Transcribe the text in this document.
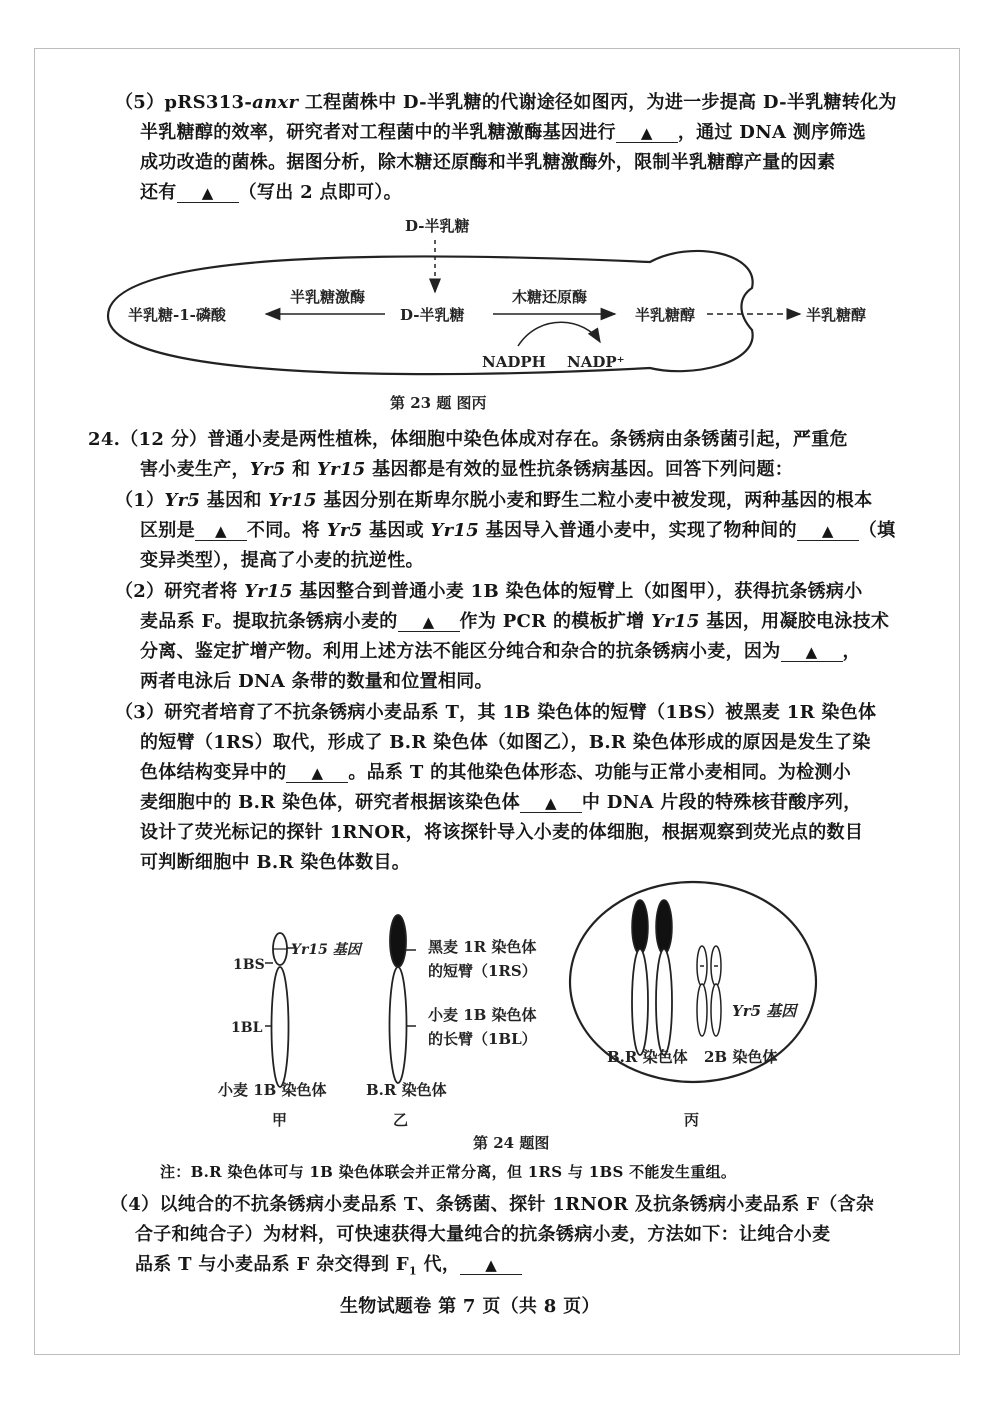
（5）pRS313-anxr 工程菌株中 D-半乳糖的代谢途径如图丙，为进一步提高 D-半乳糖转化为
半乳糖醇的效率，研究者对工程菌中的半乳糖激酶基因进行 ▲ ，通过 DNA 测序筛选
成功改造的菌株。据图分析，除木糖还原酶和半乳糖激酶外，限制半乳糖醇产量的因素
还有 ▲ （写出 2 点即可）。
D-半乳糖
半乳糖-1-磷酸
半乳糖激酶
D-半乳糖
木糖还原酶
NADPH NADP⁺
半乳糖醇	半乳糖醇
第 23 题 图丙
24.（12 分）普通小麦是两性植株，体细胞中染色体成对存在。条锈病由条锈菌引起，严重危
害小麦生产，Yr5 和 Yr15 基因都是有效的显性抗条锈病基因。回答下列问题：
（1）Yr5 基因和 Yr15 基因分别在斯卑尔脱小麦和野生二粒小麦中被发现，两种基因的根本
区别是 ▲ 不同。将 Yr5 基因或 Yr15 基因导入普通小麦中，实现了物种间的 ▲ （填
变异类型），提高了小麦的抗逆性。
（2）研究者将 Yr15 基因整合到普通小麦 1B 染色体的短臂上（如图甲），获得抗条锈病小
麦品系 F。提取抗条锈病小麦的 ▲ 作为 PCR 的模板扩增 Yr15 基因，用凝胶电泳技术
分离、鉴定扩增产物。利用上述方法不能区分纯合和杂合的抗条锈病小麦，因为 ▲ ，
两者电泳后 DNA 条带的数量和位置相同。
（3）研究者培育了不抗条锈病小麦品系 T，其 1B 染色体的短臂（1BS）被黑麦 1R 染色体
的短臂（1RS）取代，形成了 B.R 染色体（如图乙），B.R 染色体形成的原因是发生了染
色体结构变异中的 ▲ 。品系 T 的其他染色体形态、功能与正常小麦相同。为检测小
麦细胞中的 B.R 染色体，研究者根据该染色体 ▲ 中 DNA 片段的特殊核苷酸序列，
设计了荧光标记的探针 1RNOR，将该探针导入小麦的体细胞，根据观察到荧光点的数目
可判断细胞中 B.R 染色体数目。
1BS
1BL
Yr15 基因
小麦 1B 染色体
甲
黑麦 1R 染色体
的短臂（1RS）
小麦 1B 染色体
的长臂（1BL）
B.R 染色体
乙
Yr5 基因
B.R 染色体 2B 染色体
丙
第 24 题图
注：B.R 染色体可与 1B 染色体联会并正常分离，但 1RS 与 1BS 不能发生重组。
（4）以纯合的不抗条锈病小麦品系 T、条锈菌、探针 1RNOR 及抗条锈病小麦品系 F（含杂
合子和纯合子）为材料，可快速获得大量纯合的抗条锈病小麦，方法如下：让纯合小麦
品系 T 与小麦品系 F 杂交得到 $F_1$ 代， ▲
生物试题卷 第 7 页（共 8 页）
